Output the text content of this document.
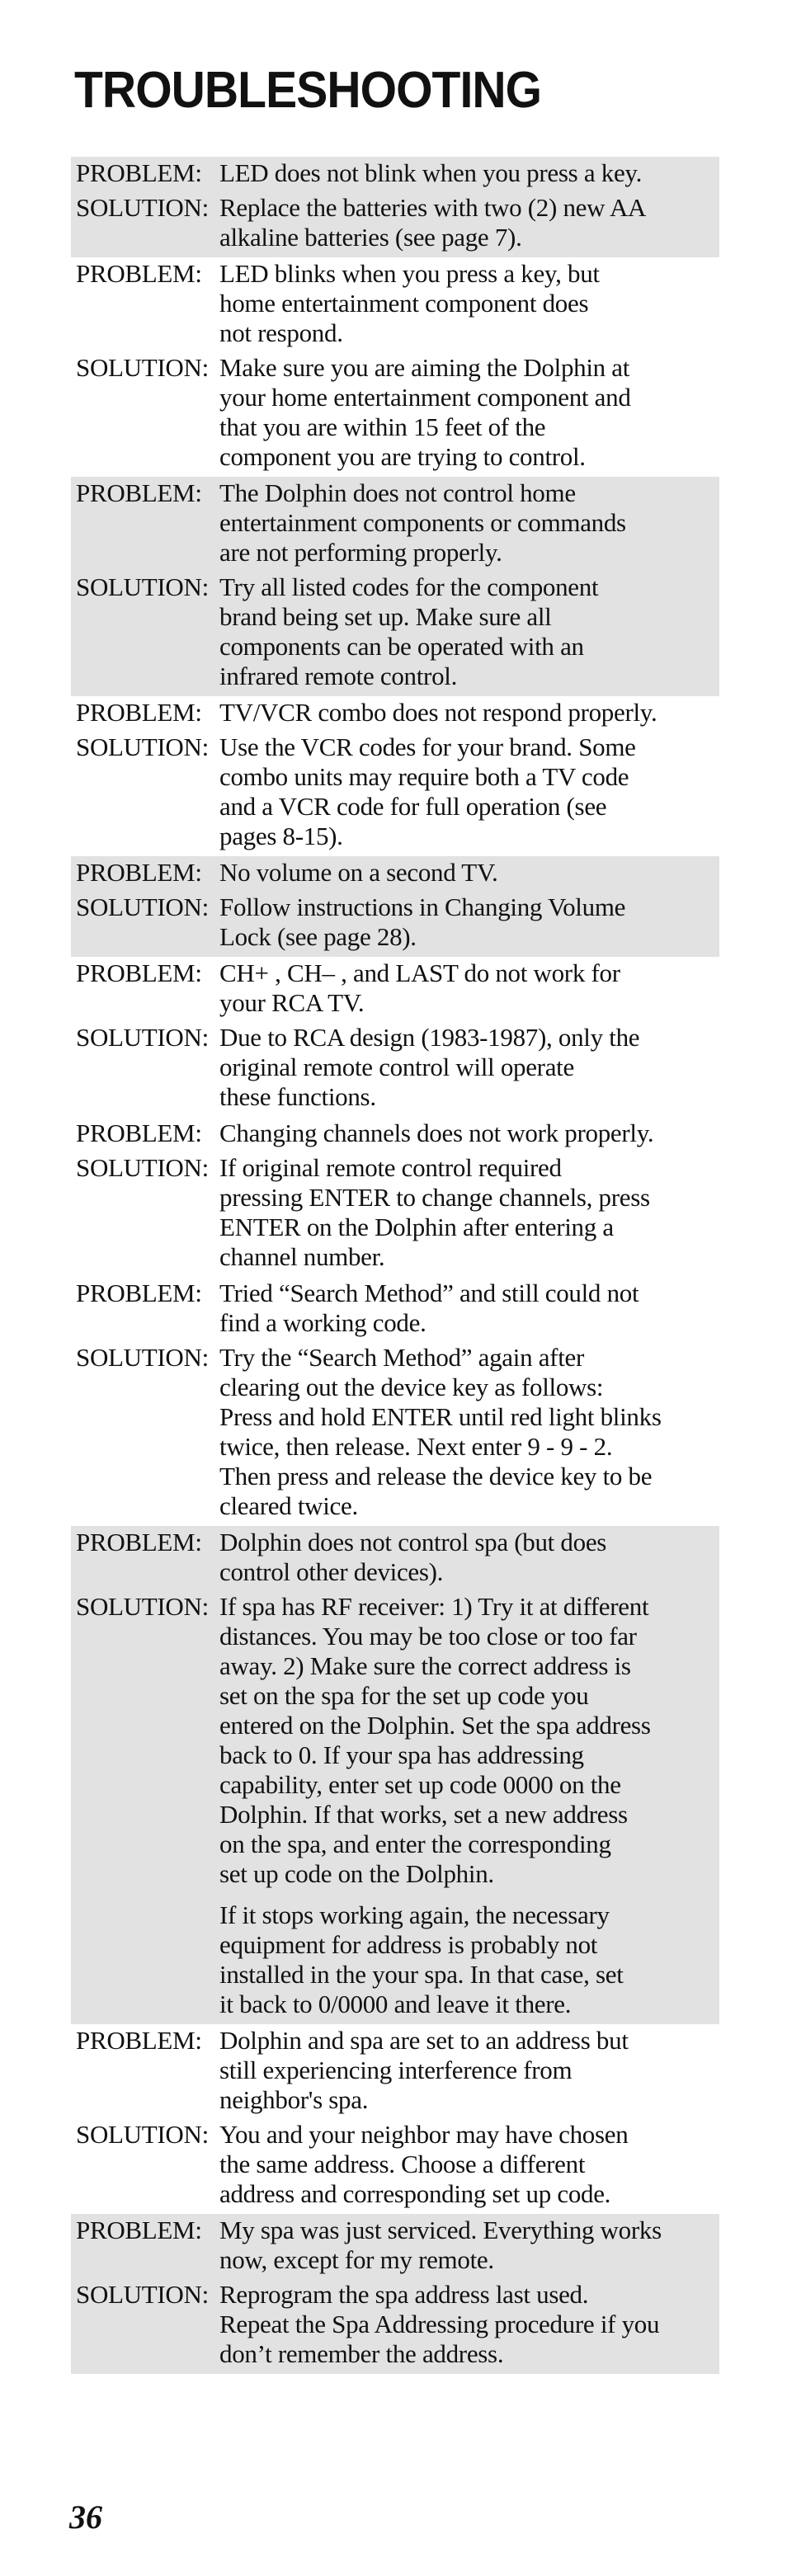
TROUBLESHOOTING
PROBLEM: LED does not blink when you press a key.

SOLUTION: Replace the batteries with two (2) new AA
alkaline batteries (see page 7).

PROBLEM: LED blinks when you press a key, but
home entertainment component does
not respond.

SOLUTION: Make sure you are aiming the Dolphin at
your home entertainment component and
that you are within 15 feet of the
component you are trying to control.

PROBLEM: The Dolphin does not control home
entertainment components or commands
are not performing properly.

SOLUTION: Try all listed codes for the component
brand being set up. Make sure all
components can be operated with an
infrared remote control.

PROBLEM: TV/VCR combo does not respond properly.

SOLUTION: Use the VCR codes for your brand. Some
combo units may require both a TV code
and a VCR code for full operation (see
pages 8-15).

PROBLEM: No volume on a second TV.

SOLUTION: Follow instructions in Changing Volume
Lock (see page 28).

PROBLEM: CH+ , CH– , and LAST do not work for
your RCA TV.

SOLUTION: Due to RCA design (1983-1987), only the
original remote control will operate
these functions.

PROBLEM: Changing channels does not work properly.

SOLUTION: If original remote control required
pressing ENTER to change channels, press
ENTER on the Dolphin after entering a
channel number.

PROBLEM: Tried “Search Method” and still could not
find a working code.

SOLUTION: Try the “Search Method” again after
clearing out the device key as follows:
Press and hold ENTER until red light blinks
twice, then release. Next enter 9 - 9 - 2.
Then press and release the device key to be
cleared twice.

PROBLEM: Dolphin does not control spa (but does
control other devices).

SOLUTION: If spa has RF receiver: 1) Try it at different
distances. You may be too close or too far
away. 2) Make sure the correct address is
set on the spa for the set up code you
entered on the Dolphin. Set the spa address
back to 0. If your spa has addressing
capability, enter set up code 0000 on the
Dolphin. If that works, set a new address
on the spa, and enter the corresponding
set up code on the Dolphin.

If it stops working again, the necessary
equipment for address is probably not
installed in the your spa. In that case, set
it back to 0/0000 and leave it there.

PROBLEM: Dolphin and spa are set to an address but
still experiencing interference from
neighbor's spa.

SOLUTION: You and your neighbor may have chosen
the same address. Choose a different
address and corresponding set up code.

PROBLEM: My spa was just serviced. Everything works
now, except for my remote.

SOLUTION: Reprogram the spa address last used.
Repeat the Spa Addressing procedure if you
don’t remember the address.

36
